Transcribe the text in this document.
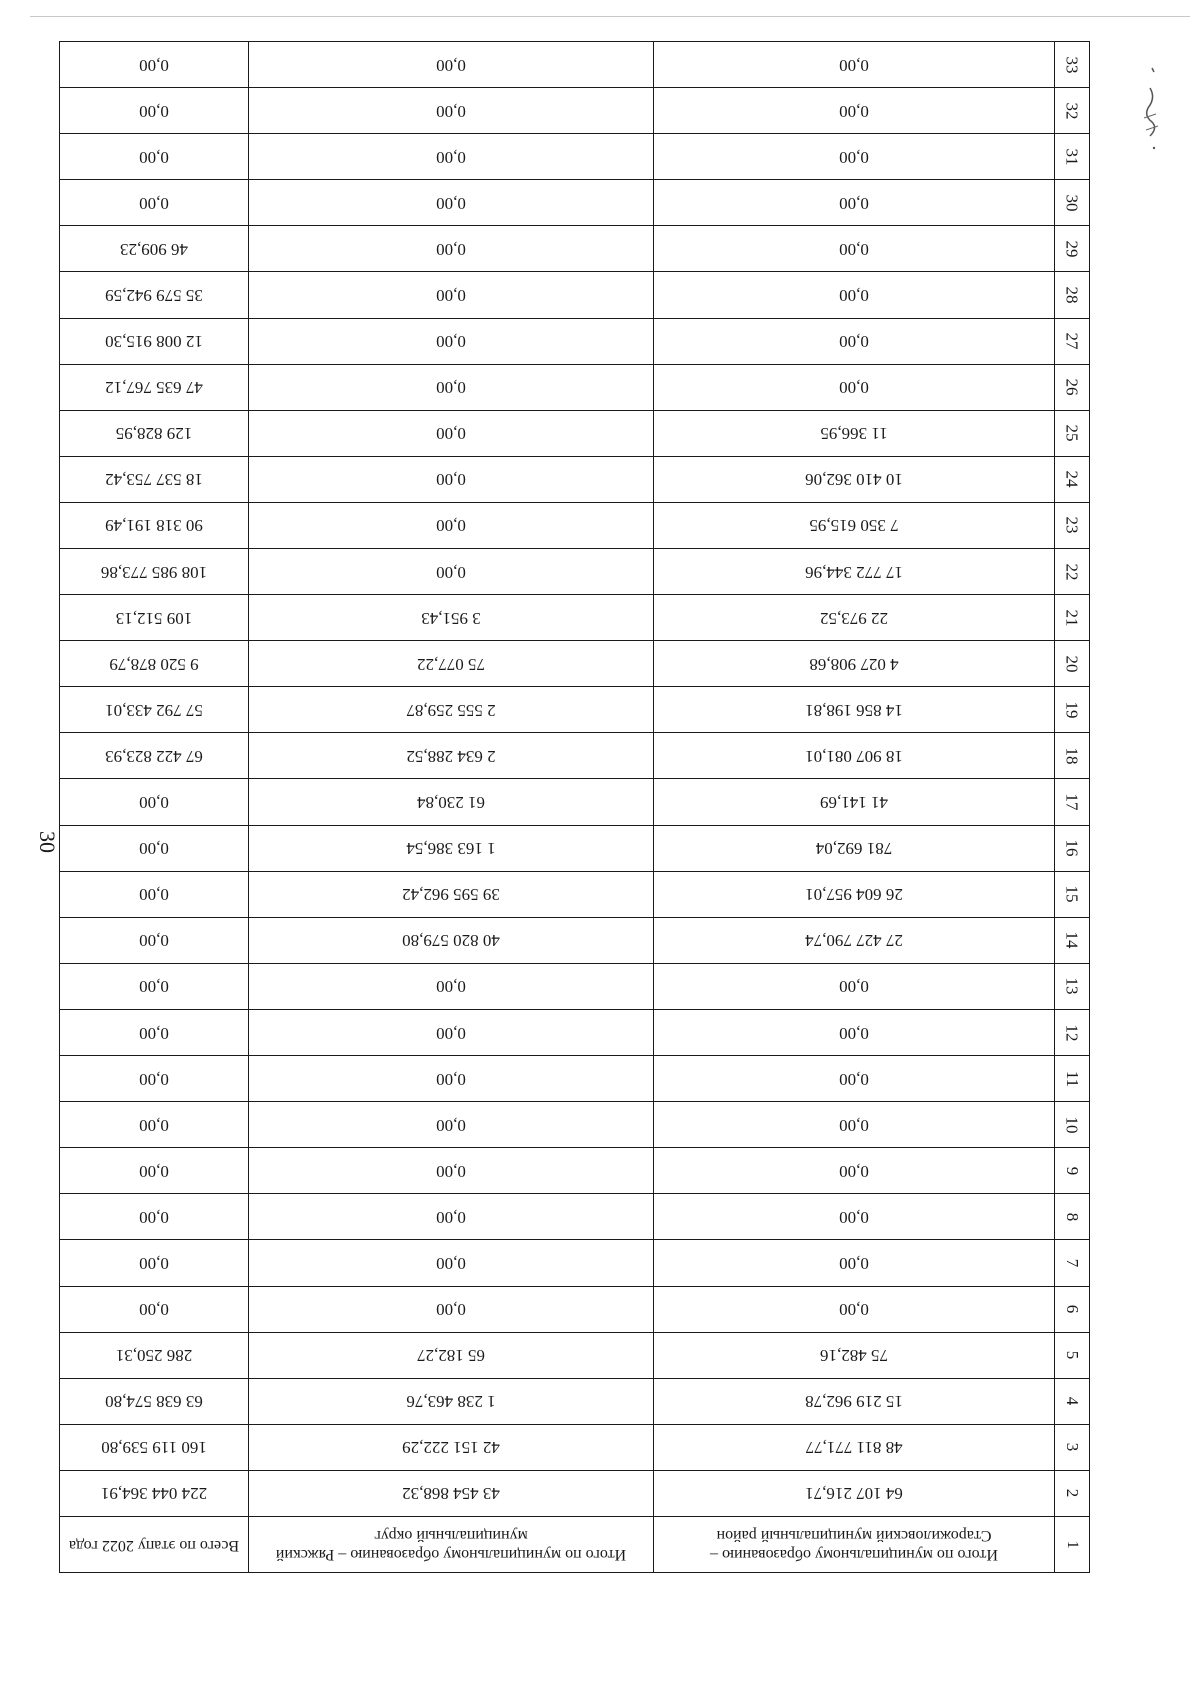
30
1	Итого по муниципальному образованию – Старожиловский муниципальный район	Итого по муниципальному образованию – Ряжский муниципальный округ	Всего по этапу 2022 года
2	64 107 216,71	43 454 868,32	224 044 364,91
3	48 811 771,77	42 151 222,29	160 119 539,80
4	15 219 962,78	1 238 463,76	63 638 574,80
5	75 482,16	65 182,27	286 250,31
6	0,00	0,00	0,00
7	0,00	0,00	0,00
8	0,00	0,00	0,00
9	0,00	0,00	0,00
10	0,00	0,00	0,00
11	0,00	0,00	0,00
12	0,00	0,00	0,00
13	0,00	0,00	0,00
14	27 427 790,74	40 820 579,80	0,00
15	26 604 957,01	39 595 962,42	0,00
16	781 692,04	1 163 386,54	0,00
17	41 141,69	61 230,84	0,00
18	18 907 081,01	2 634 288,52	67 422 823,93
19	14 856 198,81	2 555 259,87	57 792 433,01
20	4 027 908,68	75 077,22	9 520 878,79
21	22 973,52	3 951,43	109 512,13
22	17 772 344,96	0,00	108 985 773,86
23	7 350 615,95	0,00	90 318 191,49
24	10 410 362,06	0,00	18 537 753,42
25	11 366,95	0,00	129 828,95
26	0,00	0,00	47 635 767,12
27	0,00	0,00	12 008 915,30
28	0,00	0,00	35 579 942,59
29	0,00	0,00	46 909,23
30	0,00	0,00	0,00
31	0,00	0,00	0,00
32	0,00	0,00	0,00
33	0,00	0,00	0,00
